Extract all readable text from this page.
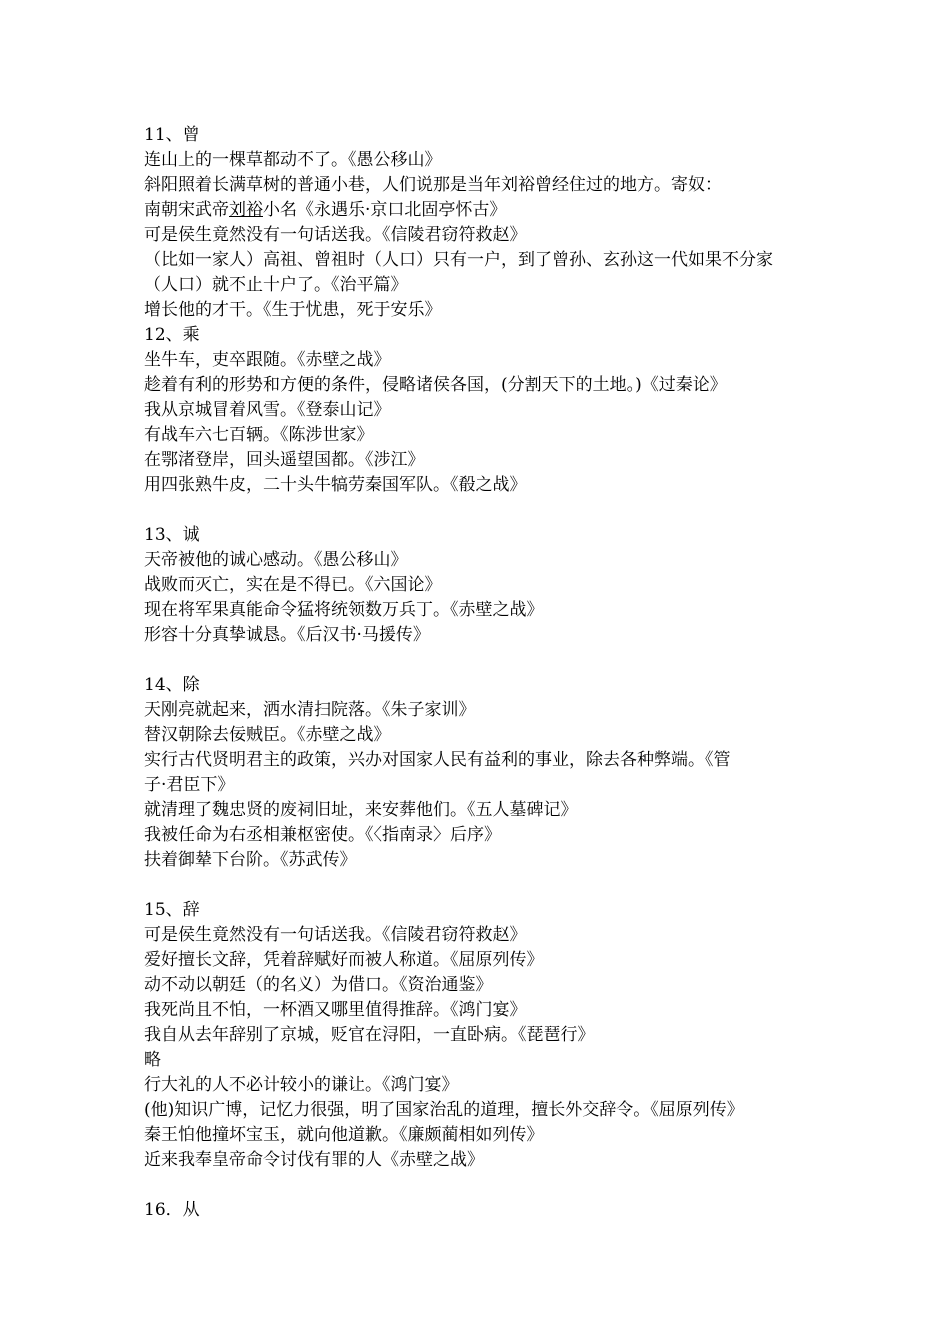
11、曾
连山上的一棵草都动不了。《愚公移山》
斜阳照着长满草树的普通小巷，人们说那是当年刘裕曾经住过的地方。寄奴：
南朝宋武帝刘裕小名《永遇乐·京口北固亭怀古》
可是侯生竟然没有一句话送我。《信陵君窃符救赵》
（比如一家人）高祖、曾祖时（人口）只有一户，到了曾孙、玄孙这一代如果不分家
（人口）就不止十户了。《治平篇》
增长他的才干。《生于忧患，死于安乐》
12、乘
坐牛车，吏卒跟随。《赤壁之战》
趁着有利的形势和方便的条件，侵略诸侯各国，(分割天下的土地。)《过秦论》
我从京城冒着风雪。《登泰山记》
有战车六七百辆。《陈涉世家》
在鄂渚登岸，回头遥望国都。《涉江》
用四张熟牛皮，二十头牛犒劳秦国军队。《殽之战》
13、诚
天帝被他的诚心感动。《愚公移山》
战败而灭亡，实在是不得已。《六国论》
现在将军果真能命令猛将统领数万兵丁。《赤壁之战》
形容十分真挚诚恳。《后汉书·马援传》
14、除
天刚亮就起来，洒水清扫院落。《朱子家训》
替汉朝除去佞贼臣。《赤壁之战》
实行古代贤明君主的政策，兴办对国家人民有益利的事业，除去各种弊端。《管
子·君臣下》
就清理了魏忠贤的废祠旧址，来安葬他们。《五人墓碑记》
我被任命为右丞相兼枢密使。《〈指南录〉后序》
扶着御辇下台阶。《苏武传》
15、辞
可是侯生竟然没有一句话送我。《信陵君窃符救赵》
爱好擅长文辞，凭着辞赋好而被人称道。《屈原列传》
动不动以朝廷（的名义）为借口。《资治通鉴》
我死尚且不怕，一杯酒又哪里值得推辞。《鸿门宴》
我自从去年辞别了京城，贬官在浔阳，一直卧病。《琵琶行》
略
行大礼的人不必计较小的谦让。《鸿门宴》
(他)知识广博，记忆力很强，明了国家治乱的道理，擅长外交辞令。《屈原列传》
秦王怕他撞坏宝玉，就向他道歉。《廉颇蔺相如列传》
近来我奉皇帝命令讨伐有罪的人《赤壁之战》
16．从
